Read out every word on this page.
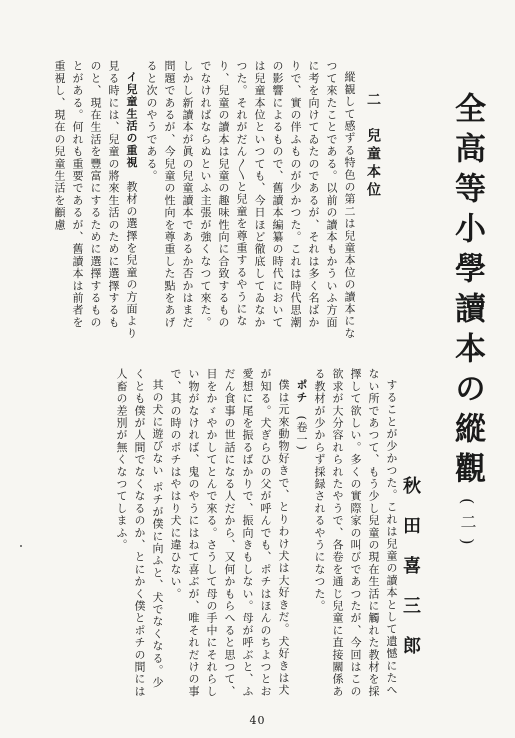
全高等小學讀本の縱觀(二)
秋田喜三郎
二　兒童本位

縱観して感ずる特色の第二は兒童本位の讀本になつて來たことである。以前の讀本もかういふ方面に考を向けてゐたのであるが、それは多く名ばかりで、實の伴ふものが少かつた。これは時代思潮の影響によるもので、舊讀本編纂の時代においては兒童本位といつても、今日ほど徹底してゐなかつた。それがだん〳〵と兒童を尊重するやうになり、兒童の讀本は兒童の趣味性向に合致するものでなければならぬといふ主張が強くなつて來た。しかし新讀本が眞の兒童讀本であるか否かはまだ問題であるが、今兒童の性向を尊重した點をあげると次のやうである。

イ兒童生活の重視　教材の選擇を兒童の方面より見る時には、兒童の將來生活のために選擇するものと、現在生活を豐富にするために選擇するものとがある。何れも重要であるが、舊讀本は前者を重視し、現在の兒童生活を顧慮

することが少かつた。これは兒童の讀本として遺憾にたへない所であつて、もう少し兒童の現在生活に觸れた教材を採擇して欲しい。多くの實際家の叫びであつたが、今回はこの欲求が大分容れられたやうで、各卷を通じ兒童に直接關係ある教材が少からず採録されるやうになつた。

ポチ　(卷一)

僕は元來動物好きで、とりわけ犬は大好きだ。犬好きは犬が知る。犬ぎらひの父が呼んでも、ポチはほんのちよつとお愛想に尾を振るばかりで、振向きもしない。母が呼ぶと、ふだん食事の世話になる人だから、又何かもらへると思つて、目をかゞやかしてとんで來る。さうして母の手中にそれらしい物がなければ、鬼のやうにはねて喜ぶが、唯それだけの事で、其の時のポチはやはり犬に違ひない。

其の犬に遊びない ポチが僕に向ふと、犬でなくなる。少くとも僕が人間でなくなるのか、とにかく僕とポチの間には人畜の差別が無くなつてしまふ。

40
